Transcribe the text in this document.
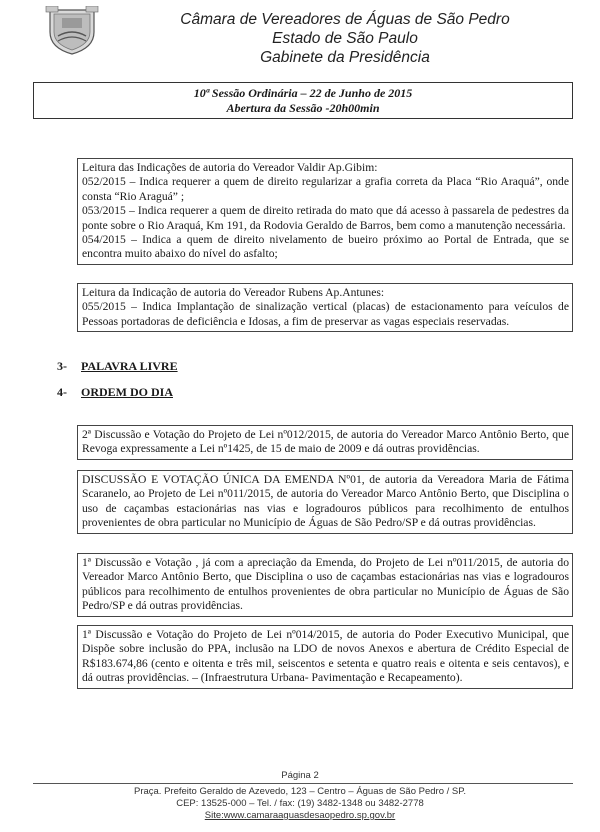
Câmara de Vereadores de Águas de São Pedro
Estado de São Paulo
Gabinete da Presidência
10ª Sessão Ordinária – 22 de Junho de 2015
Abertura da Sessão -20h00min

Leitura das Indicações de autoria do Vereador Valdir Ap.Gibim:

052/2015 – Indica requerer a quem de direito regularizar a grafia correta da Placa “Rio Araquá”, onde consta “Rio Araguá” ;

053/2015 – Indica requerer a quem de direito retirada do mato que dá acesso à passarela de pedestres da ponte sobre o Rio Araquá, Km 191, da Rodovia Geraldo de Barros, bem como a manutenção necessária.

054/2015 – Indica a quem de direito nivelamento de bueiro próximo ao Portal de Entrada, que se encontra muito abaixo do nível do asfalto;

Leitura da Indicação de autoria do Vereador Rubens Ap.Antunes:

055/2015 – Indica Implantação de sinalização vertical (placas) de estacionamento para veículos de Pessoas portadoras de deficiência e Idosas, a fim de preservar as vagas especiais reservadas.

3- PALAVRA LIVRE
4- ORDEM DO DIA

2ª Discussão e Votação do Projeto de Lei nº012/2015, de autoria do Vereador Marco Antônio Berto, que Revoga expressamente a Lei nº1425, de 15 de maio de 2009 e dá outras providências.

DISCUSSÃO E VOTAÇÃO ÚNICA DA EMENDA Nº01, de autoria da Vereadora Maria de Fátima Scaranelo, ao Projeto de Lei nº011/2015, de autoria do Vereador Marco Antônio Berto, que Disciplina o uso de caçambas estacionárias nas vias e logradouros públicos para recolhimento de entulhos provenientes de obra particular no Município de Águas de São Pedro/SP e dá outras providências.

1ª Discussão e Votação , já com a apreciação da Emenda, do Projeto de Lei nº011/2015, de autoria do Vereador Marco Antônio Berto, que Disciplina o uso de caçambas estacionárias nas vias e logradouros públicos para recolhimento de entulhos provenientes de obra particular no Município de Águas de São Pedro/SP e dá outras providências.

1ª Discussão e Votação do Projeto de Lei nº014/2015, de autoria do Poder Executivo Municipal, que Dispõe sobre inclusão do PPA, inclusão na LDO de novos Anexos e abertura de Crédito Especial de R$183.674,86 (cento e oitenta e três mil, seiscentos e setenta e quatro reais e oitenta e seis centavos), e dá outras providências. – (Infraestrutura Urbana- Pavimentação e Recapeamento).

Página 2
Praça. Prefeito Geraldo de Azevedo, 123 – Centro – Águas de São Pedro / SP.
CEP: 13525-000 – Tel. / fax: (19) 3482-1348 ou 3482-2778
Site:www.camaraaguasdesaopedro.sp.gov.br
